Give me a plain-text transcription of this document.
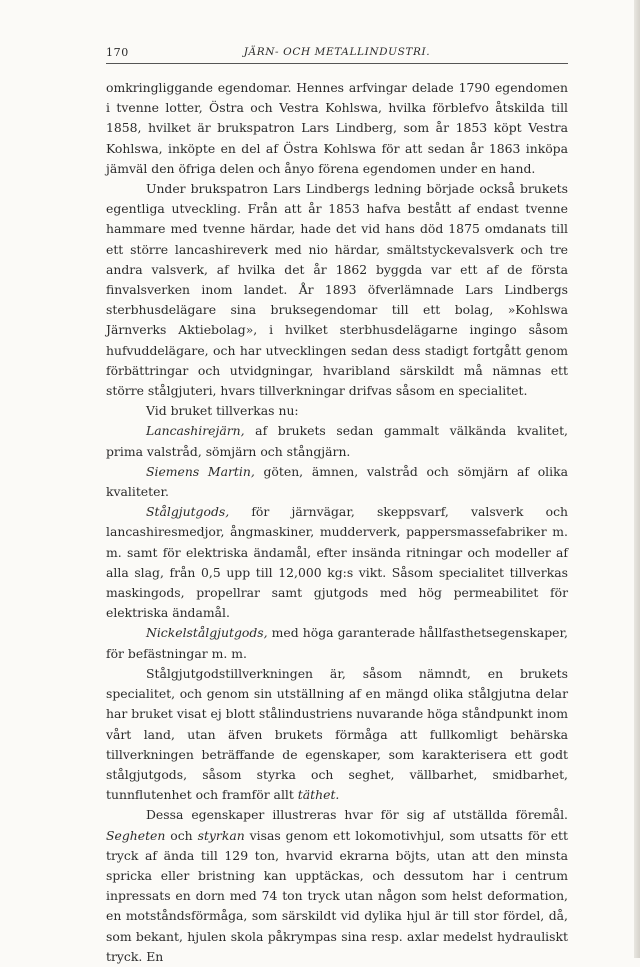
170	JÄRN- OCH METALLINDUSTRI.

omkringliggande egendomar. Hennes arfvingar delade 1790 egendomen i tvenne lotter, Östra och Vestra Kohlswa, hvilka förblefvo åtskilda till 1858, hvilket är brukspatron Lars Lindberg, som år 1853 köpt Vestra Kohlswa, inköpte en del af Östra Kohlswa för att sedan år 1863 inköpa jämväl den öfriga delen och ånyo förena egendomen under en hand.

Under brukspatron Lars Lindbergs ledning började också brukets egentliga utveckling. Från att år 1853 hafva bestått af endast tvenne hammare med tvenne härdar, hade det vid hans död 1875 omdanats till ett större lancashireverk med nio härdar, smältstyckevalsverk och tre andra valsverk, af hvilka det år 1862 byggda var ett af de första finvalsverken inom landet. År 1893 öfverlämnade Lars Lindbergs sterbhusdelägare sina bruksegendomar till ett bolag, »Kohlswa Järnverks Aktiebolag», i hvilket sterbhusdelägarne ingingo såsom hufvuddelägare, och har utvecklingen sedan dess stadigt fortgått genom förbättringar och utvidgningar, hvaribland särskildt må nämnas ett större stålgjuteri, hvars tillverkningar drifvas såsom en specialitet.

Vid bruket tillverkas nu:

Lancashirejärn, af brukets sedan gammalt välkända kvalitet, prima valstråd, sömjärn och stångjärn.

Siemens Martin, göten, ämnen, valstråd och sömjärn af olika kvaliteter.

Stålgjutgods, för järnvägar, skeppsvarf, valsverk och lancashiresmedjor, ångmaskiner, mudderverk, pappersmassefabriker m. m. samt för elektriska ändamål, efter insända ritningar och modeller af alla slag, från 0,5 upp till 12,000 kg:s vikt. Såsom specialitet tillverkas maskingods, propellrar samt gjutgods med hög permeabilitet för elektriska ändamål.

Nickelstålgjutgods, med höga garanterade hållfasthetsegenskaper, för befästningar m. m.

Stålgjutgodstillverkningen är, såsom nämndt, en brukets specialitet, och genom sin utställning af en mängd olika stålgjutna delar har bruket visat ej blott stålindustriens nuvarande höga ståndpunkt inom vårt land, utan äfven brukets förmåga att fullkomligt behärska tillverkningen beträffande de egenskaper, som karakterisera ett godt stålgjutgods, såsom styrka och seghet, vällbarhet, smidbarhet, tunnflutenhet och framför allt täthet.

Dessa egenskaper illustreras hvar för sig af utställda föremål. Segheten och styrkan visas genom ett lokomotivhjul, som utsatts för ett tryck af ända till 129 ton, hvarvid ekrarna böjts, utan att den minsta spricka eller bristning kan upptäckas, och dessutom har i centrum inpressats en dorn med 74 ton tryck utan någon som helst deformation, en motståndsförmåga, som särskildt vid dylika hjul är till stor fördel, då, som bekant, hjulen skola påkrympas sina resp. axlar medelst hydrauliskt tryck. En
